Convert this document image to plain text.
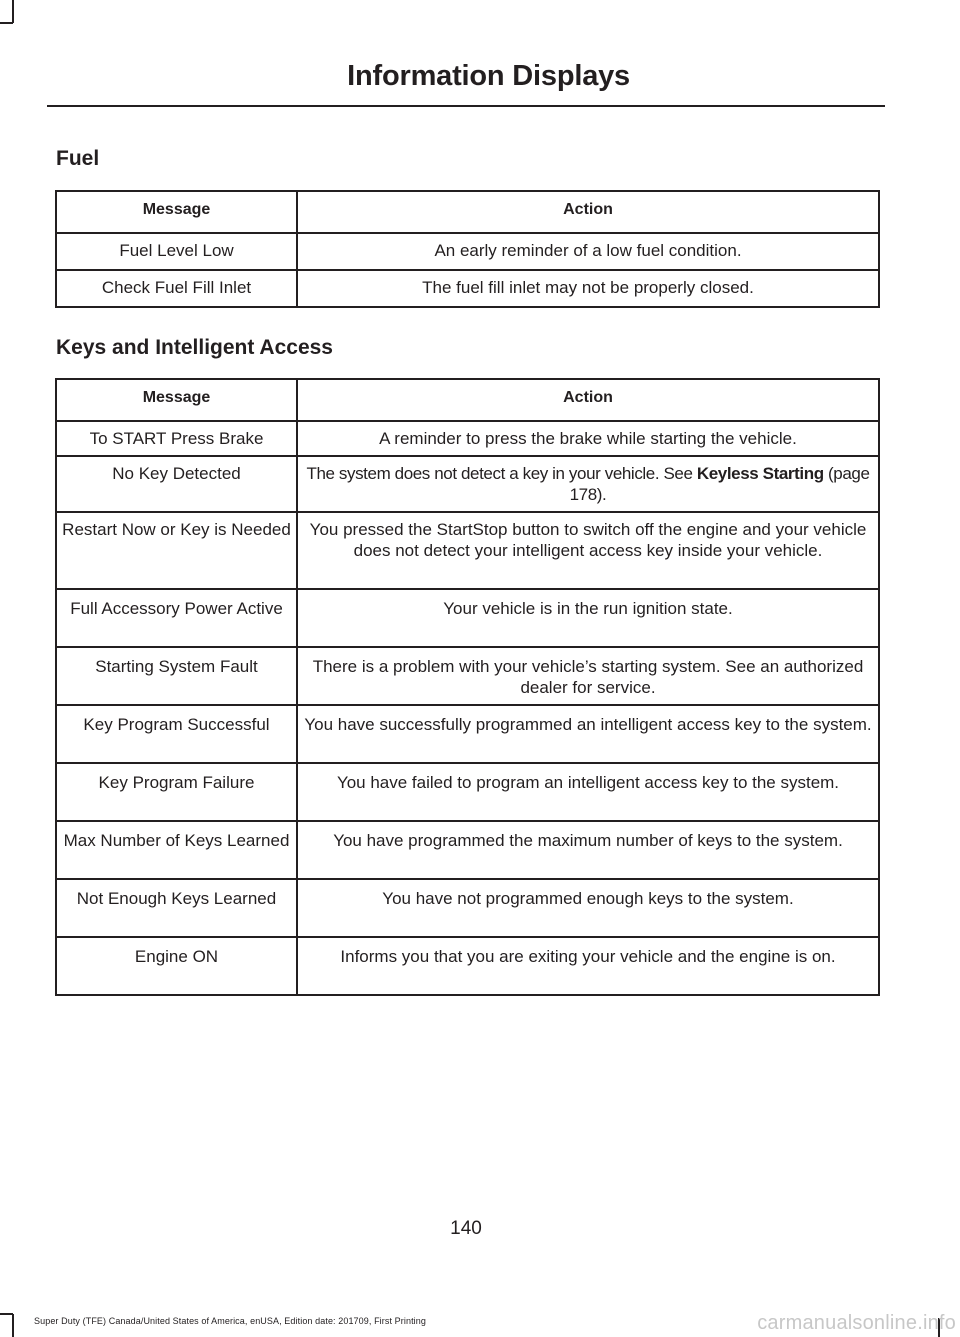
Information Displays
Fuel
Message	Action
Fuel Level Low	An early reminder of a low fuel condition.
Check Fuel Fill Inlet	The fuel fill inlet may not be properly closed.
Keys and Intelligent Access
Message	Action
To START Press Brake	A reminder to press the brake while starting the vehicle.
No Key Detected	The system does not detect a key in your vehicle. See Keyless Starting (page 178).
Restart Now or Key is Needed	You pressed the StartStop button to switch off the engine and your vehicle does not detect your intelligent access key inside your vehicle.
Full Accessory Power Active	Your vehicle is in the run ignition state.
Starting System Fault	There is a problem with your vehicle’s starting system. See an authorized dealer for service.
Key Program Successful	You have successfully programmed an intelligent access key to the system.
Key Program Failure	You have failed to program an intelligent access key to the system.
Max Number of Keys Learned	You have programmed the maximum number of keys to the system.
Not Enough Keys Learned	You have not programmed enough keys to the system.
Engine ON	Informs you that you are exiting your vehicle and the engine is on.
140
Super Duty (TFE) Canada/United States of America, enUSA, Edition date: 201709, First Printing	carmanualsonline.info
